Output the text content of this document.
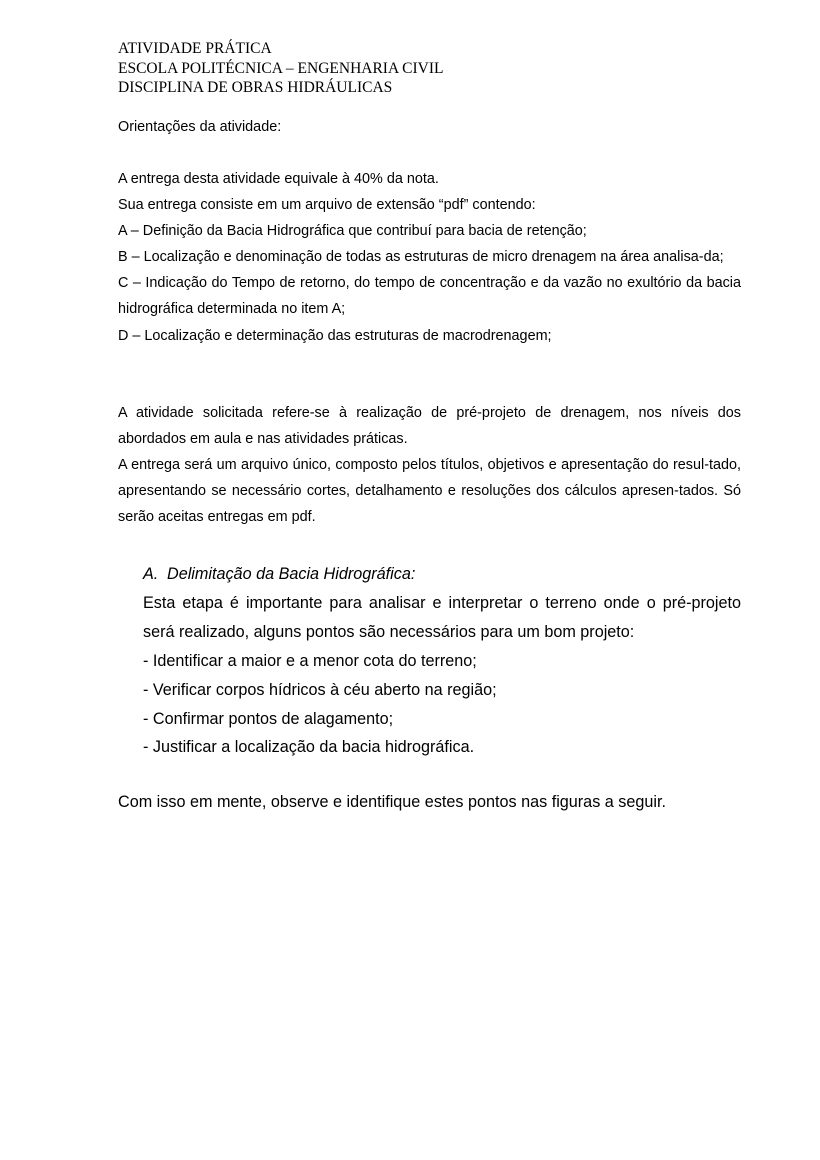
ATIVIDADE PRÁTICA
ESCOLA POLITÉCNICA – ENGENHARIA CIVIL
DISCIPLINA DE OBRAS HIDRÁULICAS
Orientações da atividade:

A entrega desta atividade equivale à 40% da nota.

Sua entrega consiste em um arquivo de extensão “pdf” contendo:

A – Definição da Bacia Hidrográfica que contribuí para bacia de retenção;

B – Localização e denominação de todas as estruturas de micro drenagem na área analisa-da;

C – Indicação do Tempo de retorno, do tempo de concentração e da vazão no exultório da bacia hidrográfica determinada no item A;

D – Localização e determinação das estruturas de macrodrenagem;

A atividade solicitada refere-se à realização de pré-projeto de drenagem, nos níveis dos abordados em aula e nas atividades práticas.

A entrega será um arquivo único, composto pelos títulos, objetivos e apresentação do resul-tado, apresentando se necessário cortes, detalhamento e resoluções dos cálculos apresen-tados. Só serão aceitas entregas em pdf.

A. Delimitação da Bacia Hidrográfica:

Esta etapa é importante para analisar e interpretar o terreno onde o pré-projeto será realizado, alguns pontos são necessários para um bom projeto:

- Identificar a maior e a menor cota do terreno;

- Verificar corpos hídricos à céu aberto na região;

- Confirmar pontos de alagamento;

- Justificar a localização da bacia hidrográfica.

Com isso em mente, observe e identifique estes pontos nas figuras a seguir.
